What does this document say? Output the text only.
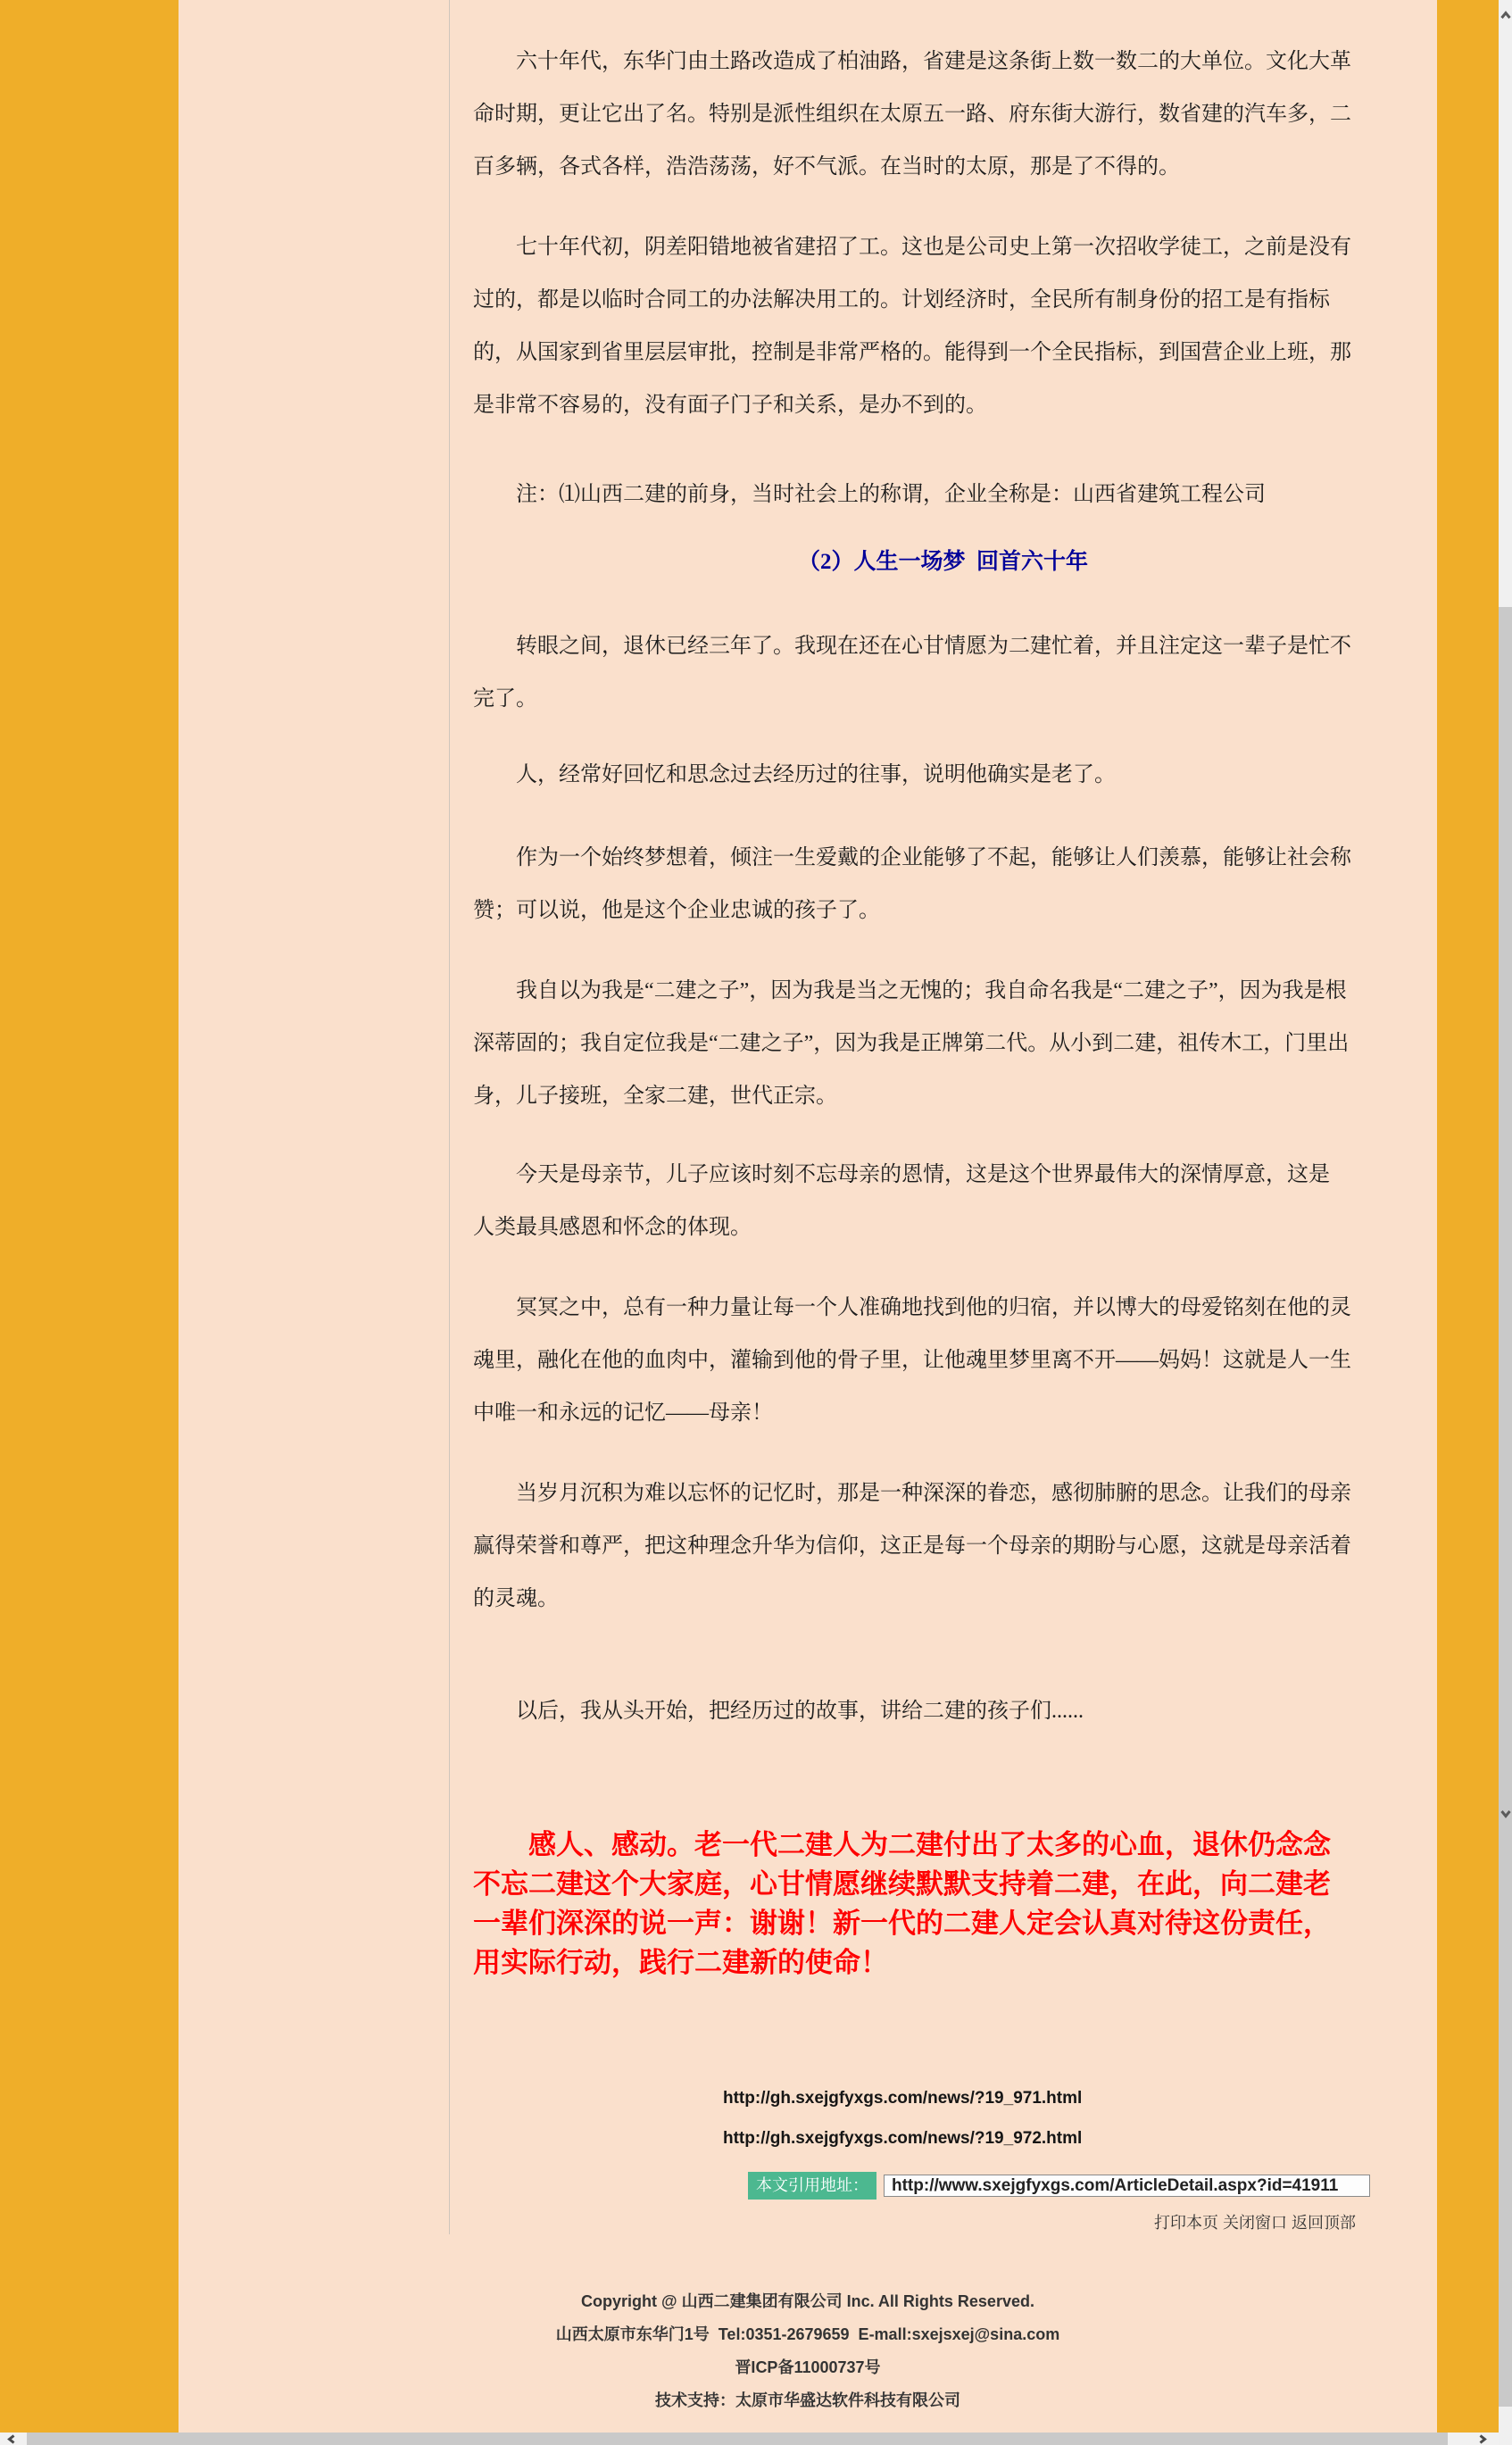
六十年代，东华门由土路改造成了柏油路，省建是这条街上数一数二的大单位。文化大革
命时期，更让它出了名。特别是派性组织在太原五一路、府东街大游行，数省建的汽车多，二
百多辆，各式各样，浩浩荡荡，好不气派。在当时的太原，那是了不得的。
七十年代初，阴差阳错地被省建招了工。这也是公司史上第一次招收学徒工，之前是没有
过的，都是以临时合同工的办法解决用工的。计划经济时，全民所有制身份的招工是有指标
的，从国家到省里层层审批，控制是非常严格的。能得到一个全民指标，到国营企业上班，那
是非常不容易的，没有面子门子和关系，是办不到的。
注：⑴山西二建的前身，当时社会上的称谓，企业全称是：山西省建筑工程公司
（2）人生一场梦  回首六十年
转眼之间，退休已经三年了。我现在还在心甘情愿为二建忙着，并且注定这一辈子是忙不
完了。
人，经常好回忆和思念过去经历过的往事，说明他确实是老了。
作为一个始终梦想着，倾注一生爱戴的企业能够了不起，能够让人们羡慕，能够让社会称
赞；可以说，他是这个企业忠诚的孩子了。
我自以为我是“二建之子”，因为我是当之无愧的；我自命名我是“二建之子”，因为我是根
深蒂固的；我自定位我是“二建之子”，因为我是正牌第二代。从小到二建，祖传木工，门里出
身，儿子接班，全家二建，世代正宗。
今天是母亲节，儿子应该时刻不忘母亲的恩情，这是这个世界最伟大的深情厚意，这是
人类最具感恩和怀念的体现。
冥冥之中，总有一种力量让每一个人准确地找到他的归宿，并以博大的母爱铭刻在他的灵
魂里，融化在他的血肉中，灌输到他的骨子里，让他魂里梦里离不开——妈妈！这就是人一生
中唯一和永远的记忆——母亲！
当岁月沉积为难以忘怀的记忆时，那是一种深深的眷恋，感彻肺腑的思念。让我们的母亲
赢得荣誉和尊严，把这种理念升华为信仰，这正是每一个母亲的期盼与心愿，这就是母亲活着
的灵魂。
以后，我从头开始，把经历过的故事，讲给二建的孩子们......
感人、感动。老一代二建人为二建付出了太多的心血，退休仍念念
不忘二建这个大家庭，心甘情愿继续默默支持着二建，在此，向二建老
一辈们深深的说一声：谢谢！新一代的二建人定会认真对待这份责任，
用实际行动，践行二建新的使命！
http://gh.sxejgfyxgs.com/news/?19_971.html
http://gh.sxejgfyxgs.com/news/?19_972.html
本文引用地址：
http://www.sxejgfyxgs.com/ArticleDetail.aspx?id=41911
打印本页 关闭窗口 返回顶部
Copyright @ 山西二建集团有限公司 Inc. All Rights Reserved.
山西太原市东华门1号  Tel:0351-2679659  E-mall:sxejsxej@sina.com
晋ICP备11000737号
技术支持：太原市华盛达软件科技有限公司
